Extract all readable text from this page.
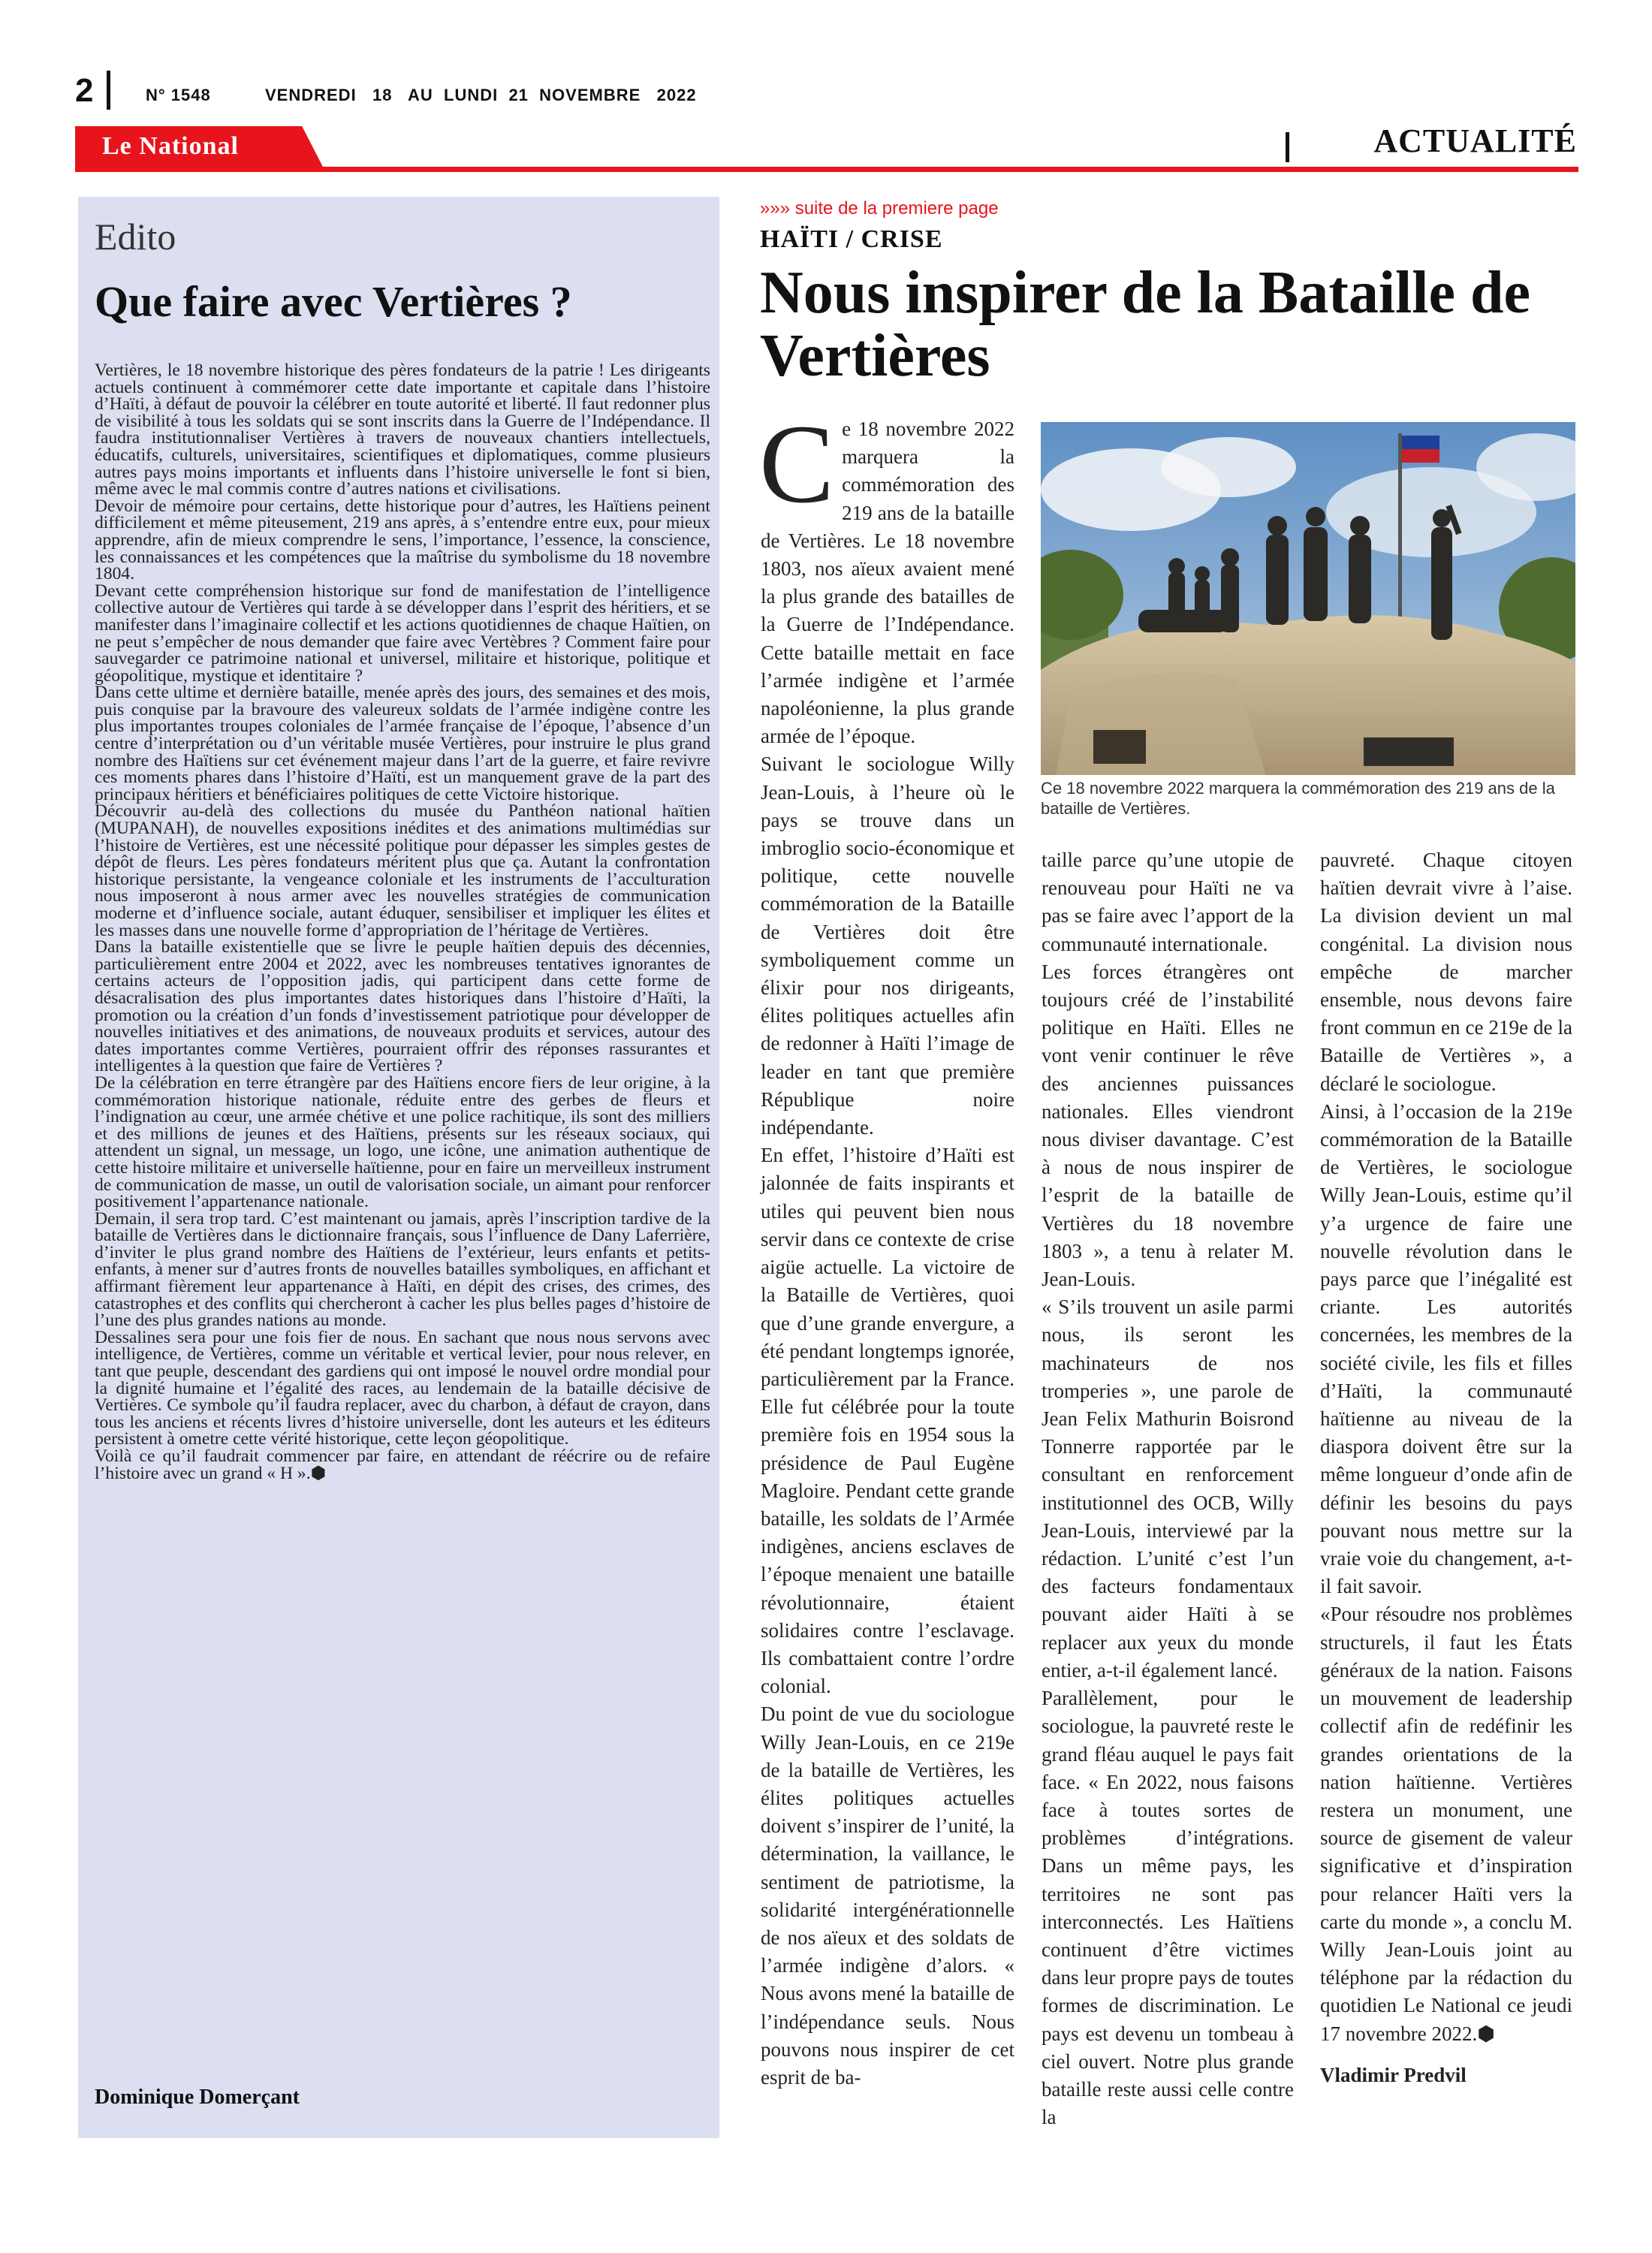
2	N° 1548	VENDREDI   18   AU  LUNDI  21  NOVEMBRE   2022
Le National	ACTUALITÉ
Edito
Que faire avec Vertières ?

Vertières, le 18 novembre historique des pères fondateurs de la patrie ! Les dirigeants actuels continuent à commémorer cette date importante et capitale dans l’histoire d’Haïti, à défaut de pouvoir la célébrer en toute autorité et liberté. Il faut redonner plus de visibilité à tous les soldats qui se sont inscrits dans la Guerre de l’Indépendance. Il faudra institutionnaliser Vertières à travers de nouveaux chantiers intellectuels, éducatifs, culturels, universitaires, scientifiques et diplomatiques, comme plusieurs autres pays moins importants et influents dans l’histoire universelle le font si bien, même avec le mal commis contre d’autres nations et civilisations.

Devoir de mémoire pour certains, dette historique pour d’autres, les Haïtiens peinent difficilement et même piteusement, 219 ans après, à s’entendre entre eux, pour mieux apprendre, afin de mieux comprendre le sens, l’importance, l’essence, la conscience, les connaissances et les compétences que la maîtrise du symbolisme du 18 novembre 1804.

Devant cette compréhension historique sur fond de manifestation de l’intelligence collective autour de Vertières qui tarde à se développer dans l’esprit des héritiers, et se manifester dans l’imaginaire collectif et les actions quotidiennes de chaque Haïtien, on ne peut s’empêcher de nous demander que faire avec Vertèbres ? Comment faire pour sauvegarder ce patrimoine national et universel, militaire et historique, politique et géopolitique, mystique et identitaire ?

Dans cette ultime et dernière bataille, menée après des jours, des semaines et des mois, puis conquise par la bravoure des valeureux soldats de l’armée indigène contre les plus importantes troupes coloniales de l’armée française de l’époque, l’absence d’un centre d’interprétation ou d’un véritable musée Vertières, pour instruire le plus grand nombre des Haïtiens sur cet événement majeur dans l’art de la guerre, et faire revivre ces moments phares dans l’histoire d’Haïti, est un manquement grave de la part des principaux héritiers et bénéficiaires politiques de cette Victoire historique.

Découvrir au-delà des collections du musée du Panthéon national haïtien (MUPANAH), de nouvelles expositions inédites et des animations multimédias sur l’histoire de Vertières, est une nécessité politique pour dépasser les simples gestes de dépôt de fleurs. Les pères fondateurs méritent plus que ça. Autant la confrontation historique persistante, la vengeance coloniale et les instruments de l’acculturation nous imposeront à nous armer avec les nouvelles stratégies de communication moderne et d’influence sociale, autant éduquer, sensibiliser et impliquer les élites et les masses dans une nouvelle forme d’appropriation de l’héritage de Vertières.

Dans la bataille existentielle que se livre le peuple haïtien depuis des décennies, particulièrement entre 2004 et 2022, avec les nombreuses tentatives ignorantes de certains acteurs de l’opposition jadis, qui participent dans cette forme de désacralisation des plus importantes dates historiques dans l’histoire d’Haïti, la promotion ou la création d’un fonds d’investissement patriotique pour développer de nouvelles initiatives et des animations, de nouveaux produits et services, autour des dates importantes comme Vertières, pourraient offrir des réponses rassurantes et intelligentes à la question que faire de Vertières ?

De la célébration en terre étrangère par des Haïtiens encore fiers de leur origine, à la commémoration historique nationale, réduite entre des gerbes de fleurs et l’indignation au cœur, une armée chétive et une police rachitique, ils sont des milliers et des millions de jeunes et des Haïtiens, présents sur les réseaux sociaux, qui attendent un signal, un message, un logo, une icône, une animation authentique de cette histoire militaire et universelle haïtienne, pour en faire un merveilleux instrument de communication de masse, un outil de valorisation sociale, un aimant pour renforcer positivement l’appartenance nationale.

Demain, il sera trop tard. C’est maintenant ou jamais, après l’inscription tardive de la bataille de Vertières dans le dictionnaire français, sous l’influence de Dany Laferrière, d’inviter le plus grand nombre des Haïtiens de l’extérieur, leurs enfants et petits-enfants, à mener sur d’autres fronts de nouvelles batailles symboliques, en affichant et affirmant fièrement leur appartenance à Haïti, en dépit des crises, des crimes, des catastrophes et des conflits qui chercheront à cacher les plus belles pages d’histoire de l’une des plus grandes nations au monde.

Dessalines sera pour une fois fier de nous. En sachant que nous nous servons avec intelligence, de Vertières, comme un véritable et vertical levier, pour nous relever, en tant que peuple, descendant des gardiens qui ont imposé le nouvel ordre mondial pour la dignité humaine et l’égalité des races, au lendemain de la bataille décisive de Vertières. Ce symbole qu’il faudra replacer, avec du charbon, à défaut de crayon, dans tous les anciens et récents livres d’histoire universelle, dont les auteurs et les éditeurs persistent à ometre cette vérité historique, cette leçon géopolitique.

Voilà ce qu’il faudrait commencer par faire, en attendant de réécrire ou de refaire l’histoire avec un grand « H ».⬢

Dominique Domerçant
»»» suite de la premiere page
HAÏTI / CRISE
Nous inspirer de la Bataille de Vertières

Ce 18 novembre 2022 marquera la commémoration des 219 ans de la bataille de Vertières. Le 18 novembre 1803, nos aïeux avaient mené la plus grande des batailles de la Guerre de l’Indépendance. Cette bataille mettait en face l’armée indigène et l’armée napoléonienne, la plus grande armée de l’époque.

Suivant le sociologue Willy Jean-Louis, à l’heure où le pays se trouve dans un imbroglio socio-économique et politique, cette nouvelle commémoration de la Bataille de Vertières doit être symboliquement comme un élixir pour nos dirigeants, élites politiques actuelles afin de redonner à Haïti l’image de leader en tant que première République noire indépendante.

En effet, l’histoire d’Haïti est jalonnée de faits inspirants et utiles qui peuvent bien nous servir dans ce contexte de crise aigüe actuelle. La victoire de la Bataille de Vertières, quoi que d’une grande envergure, a été pendant longtemps ignorée, particulièrement par la France. Elle fut célébrée pour la toute première fois en 1954 sous la présidence de Paul Eugène Magloire. Pendant cette grande bataille, les soldats de l’Armée indigènes, anciens esclaves de l’époque menaient une bataille révolutionnaire, étaient solidaires contre l’esclavage. Ils combattaient contre l’ordre colonial.

Du point de vue du sociologue Willy Jean-Louis, en ce 219e de la bataille de Vertières, les élites politiques actuelles doivent s’inspirer de l’unité, la détermination, la vaillance, le sentiment de patriotisme, la solidarité intergénérationnelle de nos aïeux et des soldats de l’armée indigène d’alors. « Nous avons mené la bataille de l’indépendance seuls. Nous pouvons nous inspirer de cet esprit de ba-

Ce 18 novembre 2022 marquera la commémoration des 219 ans de la bataille de Vertières.

taille parce qu’une utopie de renouveau pour Haïti ne va pas se faire avec l’apport de la communauté internationale.

Les forces étrangères ont toujours créé de l’instabilité politique en Haïti. Elles ne vont venir continuer le rêve des anciennes puissances nationales. Elles viendront nous diviser davantage. C’est à nous de nous inspirer de l’esprit de la bataille de Vertières du 18 novembre 1803 », a tenu à relater M. Jean-Louis.

« S’ils trouvent un asile parmi nous, ils seront les machinateurs de nos tromperies », une parole de Jean Felix Mathurin Boisrond Tonnerre rapportée par le consultant en renforcement institutionnel des OCB, Willy Jean-Louis, interviewé par la rédaction. L’unité c’est l’un des facteurs fondamentaux pouvant aider Haïti à se replacer aux yeux du monde entier, a-t-il également lancé.

Parallèlement, pour le sociologue, la pauvreté reste le grand fléau auquel le pays fait face. « En 2022, nous faisons face à toutes sortes de problèmes d’intégrations. Dans un même pays, les territoires ne sont pas interconnectés. Les Haïtiens continuent d’être victimes dans leur propre pays de toutes formes de discrimination. Le pays est devenu un tombeau à ciel ouvert. Notre plus grande bataille reste aussi celle contre la

pauvreté. Chaque citoyen haïtien devrait vivre à l’aise. La division devient un mal congénital. La division nous empêche de marcher ensemble, nous devons faire front commun en ce 219e de la Bataille de Vertières », a déclaré le sociologue.

Ainsi, à l’occasion de la 219e commémoration de la Bataille de Vertières, le sociologue Willy Jean-Louis, estime qu’il y’a urgence de faire une nouvelle révolution dans le pays parce que l’inégalité est criante. Les autorités concernées, les membres de la société civile, les fils et filles d’Haïti, la communauté haïtienne au niveau de la diaspora doivent être sur la même longueur d’onde afin de définir les besoins du pays pouvant nous mettre sur la vraie voie du changement, a-t-il fait savoir.

«Pour résoudre nos problèmes structurels, il faut les États généraux de la nation. Faisons un mouvement de leadership collectif afin de redéfinir les grandes orientations de la nation haïtienne. Vertières restera un monument, une source de gisement de valeur significative et d’inspiration pour relancer Haïti vers la carte du monde », a conclu M. Willy Jean-Louis joint au téléphone par la rédaction du quotidien Le National ce jeudi 17 novembre 2022.⬢

Vladimir Predvil
